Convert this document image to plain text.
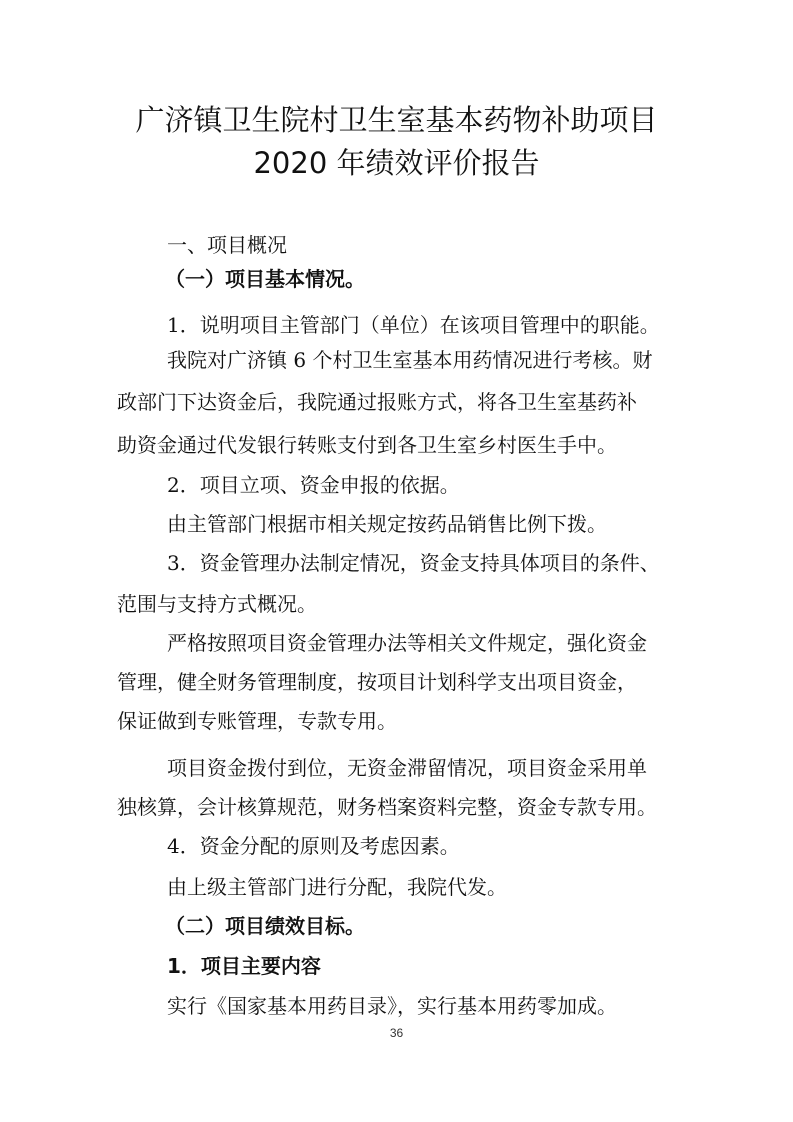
广济镇卫生院村卫生室基本药物补助项目
2020 年绩效评价报告
一、项目概况
（一）项目基本情况。
1．说明项目主管部门（单位）在该项目管理中的职能。
我院对广济镇 6 个村卫生室基本用药情况进行考核。财
政部门下达资金后，我院通过报账方式，将各卫生室基药补
助资金通过代发银行转账支付到各卫生室乡村医生手中。
2．项目立项、资金申报的依据。
由主管部门根据市相关规定按药品销售比例下拨。
3．资金管理办法制定情况，资金支持具体项目的条件、
范围与支持方式概况。
严格按照项目资金管理办法等相关文件规定，强化资金
管理，健全财务管理制度，按项目计划科学支出项目资金，
保证做到专账管理，专款专用。
项目资金拨付到位，无资金滞留情况，项目资金采用单
独核算，会计核算规范，财务档案资料完整，资金专款专用。
4．资金分配的原则及考虑因素。
由上级主管部门进行分配，我院代发。
（二）项目绩效目标。
1．项目主要内容
实行《国家基本用药目录》，实行基本用药零加成。
36
